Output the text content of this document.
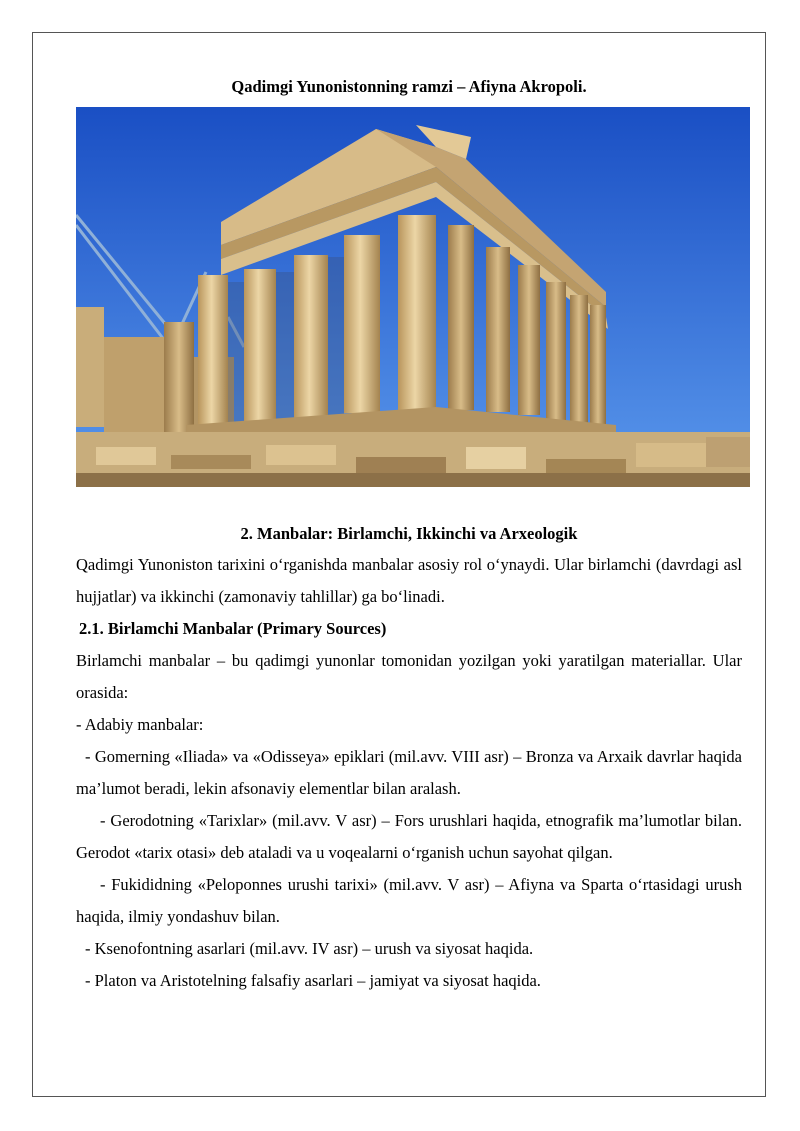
Qadimgi Yunonistonning ramzi – Afiyna Akropoli.

2. Manbalar: Birlamchi, Ikkinchi va Arxeologik

Qadimgi Yunoniston tarixini o‘rganishda manbalar asosiy rol o‘ynaydi. Ular birlamchi (davrdagi asl hujjatlar) va ikkinchi (zamonaviy tahlillar) ga bo‘linadi.

2.1. Birlamchi Manbalar (Primary Sources)

Birlamchi manbalar – bu qadimgi yunonlar tomonidan yozilgan yoki yaratilgan materiallar. Ular orasida:

- Adabiy manbalar:

- Gomerning «Iliada» va «Odisseya» epiklari (mil.avv. VIII asr) – Bronza va Arxaik davrlar haqida ma’lumot beradi, lekin afsonaviy elementlar bilan aralash.

- Gerodotning «Tarixlar» (mil.avv. V asr) – Fors urushlari haqida, etnografik ma’lumotlar bilan. Gerodot «tarix otasi» deb ataladi va u voqealarni o‘rganish uchun sayohat qilgan.

- Fukididning «Peloponnes urushi tarixi» (mil.avv. V asr) – Afiyna va Sparta o‘rtasidagi urush haqida, ilmiy yondashuv bilan.

- Ksenofontning asarlari (mil.avv. IV asr) – urush va siyosat haqida.

- Platon va Aristotelning falsafiy asarlari – jamiyat va siyosat haqida.
